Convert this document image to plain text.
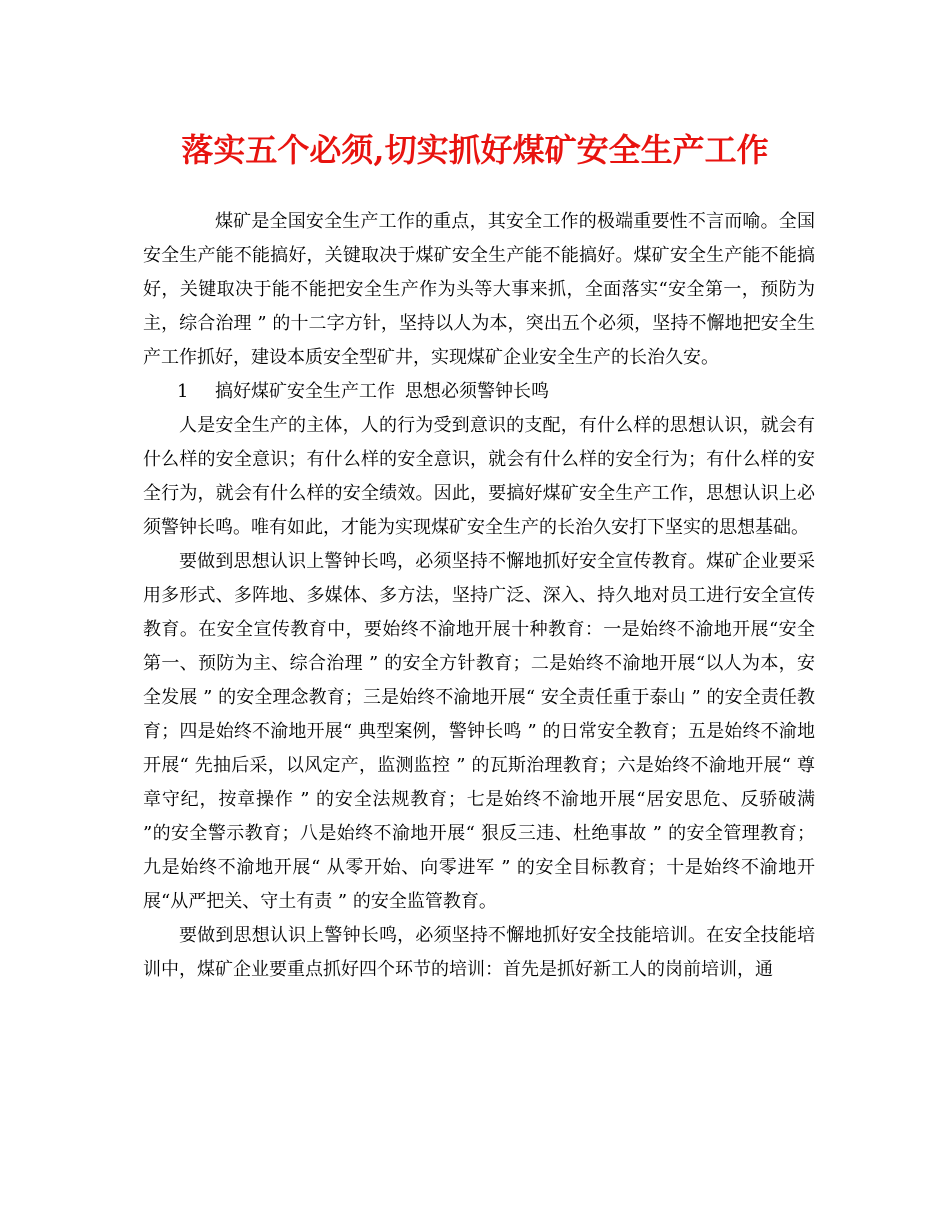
落实五个必须,切实抓好煤矿安全生产工作

煤矿是全国安全生产工作的重点，其安全工作的极端重要性不言而喻。全国安全生产能不能搞好，关键取决于煤矿安全生产能不能搞好。煤矿安全生产能不能搞好，关键取决于能不能把安全生产作为头等大事来抓，全面落实“安全第一，预防为主，综合治理 ” 的十二字方针，坚持以人为本，突出五个必须，坚持不懈地把安全生产工作抓好，建设本质安全型矿井，实现煤矿企业安全生产的长治久安。

1 搞好煤矿安全生产工作 思想必须警钟长鸣

人是安全生产的主体，人的行为受到意识的支配，有什么样的思想认识，就会有什么样的安全意识；有什么样的安全意识，就会有什么样的安全行为；有什么样的安全行为，就会有什么样的安全绩效。因此，要搞好煤矿安全生产工作，思想认识上必须警钟长鸣。唯有如此，才能为实现煤矿安全生产的长治久安打下坚实的思想基础。

要做到思想认识上警钟长鸣，必须坚持不懈地抓好安全宣传教育。煤矿企业要采用多形式、多阵地、多媒体、多方法，坚持广泛、深入、持久地对员工进行安全宣传教育。在安全宣传教育中，要始终不渝地开展十种教育：一是始终不渝地开展“安全第一、预防为主、综合治理 ” 的安全方针教育；二是始终不渝地开展“以人为本，安全发展 ” 的安全理念教育；三是始终不渝地开展“ 安全责任重于泰山 ” 的安全责任教育；四是始终不渝地开展“ 典型案例，警钟长鸣 ” 的日常安全教育；五是始终不渝地开展“ 先抽后采，以风定产，监测监控 ” 的瓦斯治理教育；六是始终不渝地开展“ 尊章守纪，按章操作 ” 的安全法规教育；七是始终不渝地开展“居安思危、反骄破满 ”的安全警示教育；八是始终不渝地开展“ 狠反三违、杜绝事故 ” 的安全管理教育；九是始终不渝地开展“ 从零开始、向零进军 ” 的安全目标教育；十是始终不渝地开展“从严把关、守土有责 ” 的安全监管教育。

要做到思想认识上警钟长鸣，必须坚持不懈地抓好安全技能培训。在安全技能培训中，煤矿企业要重点抓好四个环节的培训：首先是抓好新工人的岗前培训，通
